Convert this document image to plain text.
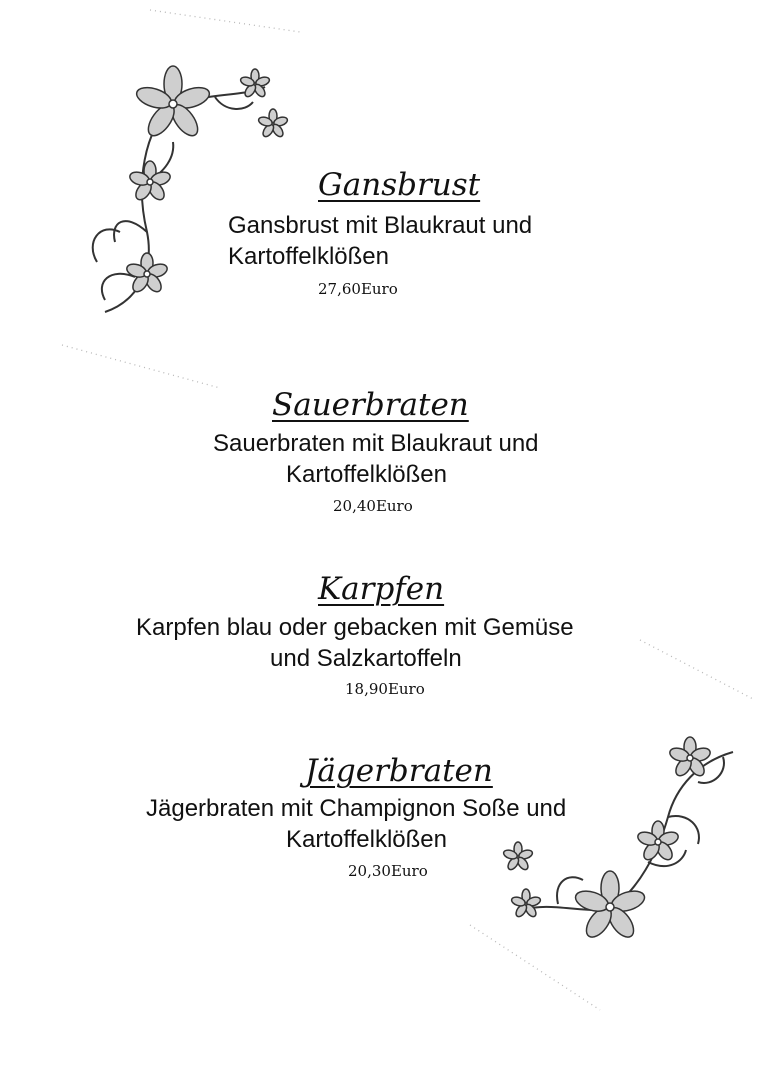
Gansbrust
Gansbrust mit Blaukraut und
Kartoffelklößen
27,60Euro
Sauerbraten
Sauerbraten mit Blaukraut und
Kartoffelklößen
20,40Euro
Karpfen
Karpfen blau oder gebacken mit Gemüse
und Salzkartoffeln
18,90Euro
Jägerbraten
Jägerbraten mit Champignon Soße und
Kartoffelklößen
20,30Euro
